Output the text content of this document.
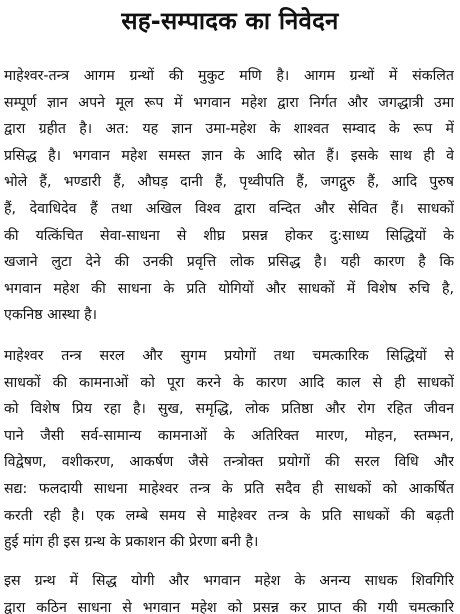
सह-सम्पादक का निवेदन
माहेश्वर-तन्त्र आगम ग्रन्थों की मुकुट मणि है। आगम ग्रन्थों में संकलित
सम्पूर्ण ज्ञान अपने मूल रूप में भगवान महेश द्वारा निर्गत और जगद्धात्री उमा
द्वारा ग्रहीत है। अत: यह ज्ञान उमा-महेश के शाश्वत सम्वाद के रूप में
प्रसिद्ध है। भगवान महेश समस्त ज्ञान के आदि स्रोत हैं। इसके साथ ही वे
भोले हैं, भण्डारी हैं, औघड़ दानी हैं, पृथ्वीपति हैं, जगद्गुरु हैं, आदि पुरुष
हैं, देवाधिदेव हैं तथा अखिल विश्व द्वारा वन्दित और सेवित हैं। साधकों
की यत्किंचित सेवा-साधना से शीघ्र प्रसन्न होकर दु:साध्य सिद्धियों के
खजाने लुटा देने की उनकी प्रवृत्ति लोक प्रसिद्ध है। यही कारण है कि
भगवान महेश की साधना के प्रति योगियों और साधकों में विशेष रुचि है,
एकनिष्ठ आस्था है।
माहेश्वर तन्त्र सरल और सुगम प्रयोगों तथा चमत्कारिक सिद्धियों से
साधकों की कामनाओं को पूरा करने के कारण आदि काल से ही साधकों
को विशेष प्रिय रहा है। सुख, समृद्धि, लोक प्रतिष्ठा और रोग रहित जीवन
पाने जैसी सर्व-सामान्य कामनाओं के अतिरिक्त मारण, मोहन, स्तम्भन,
विद्वेषण, वशीकरण, आकर्षण जैसे तन्त्रोक्त प्रयोगों की सरल विधि और
सद्य: फलदायी साधना माहेश्वर तन्त्र के प्रति सदैव ही साधकों को आकर्षित
करती रही है। एक लम्बे समय से माहेश्वर तन्त्र के प्रति साधकों की बढ़ती
हुई मांग ही इस ग्रन्थ के प्रकाशन की प्रेरणा बनी है।
इस ग्रन्थ में सिद्ध योगी और भगवान महेश के अनन्य साधक शिवगिरि
द्वारा कठिन साधना से भगवान महेश को प्रसन्न कर प्राप्त की गयी चमत्कारि
